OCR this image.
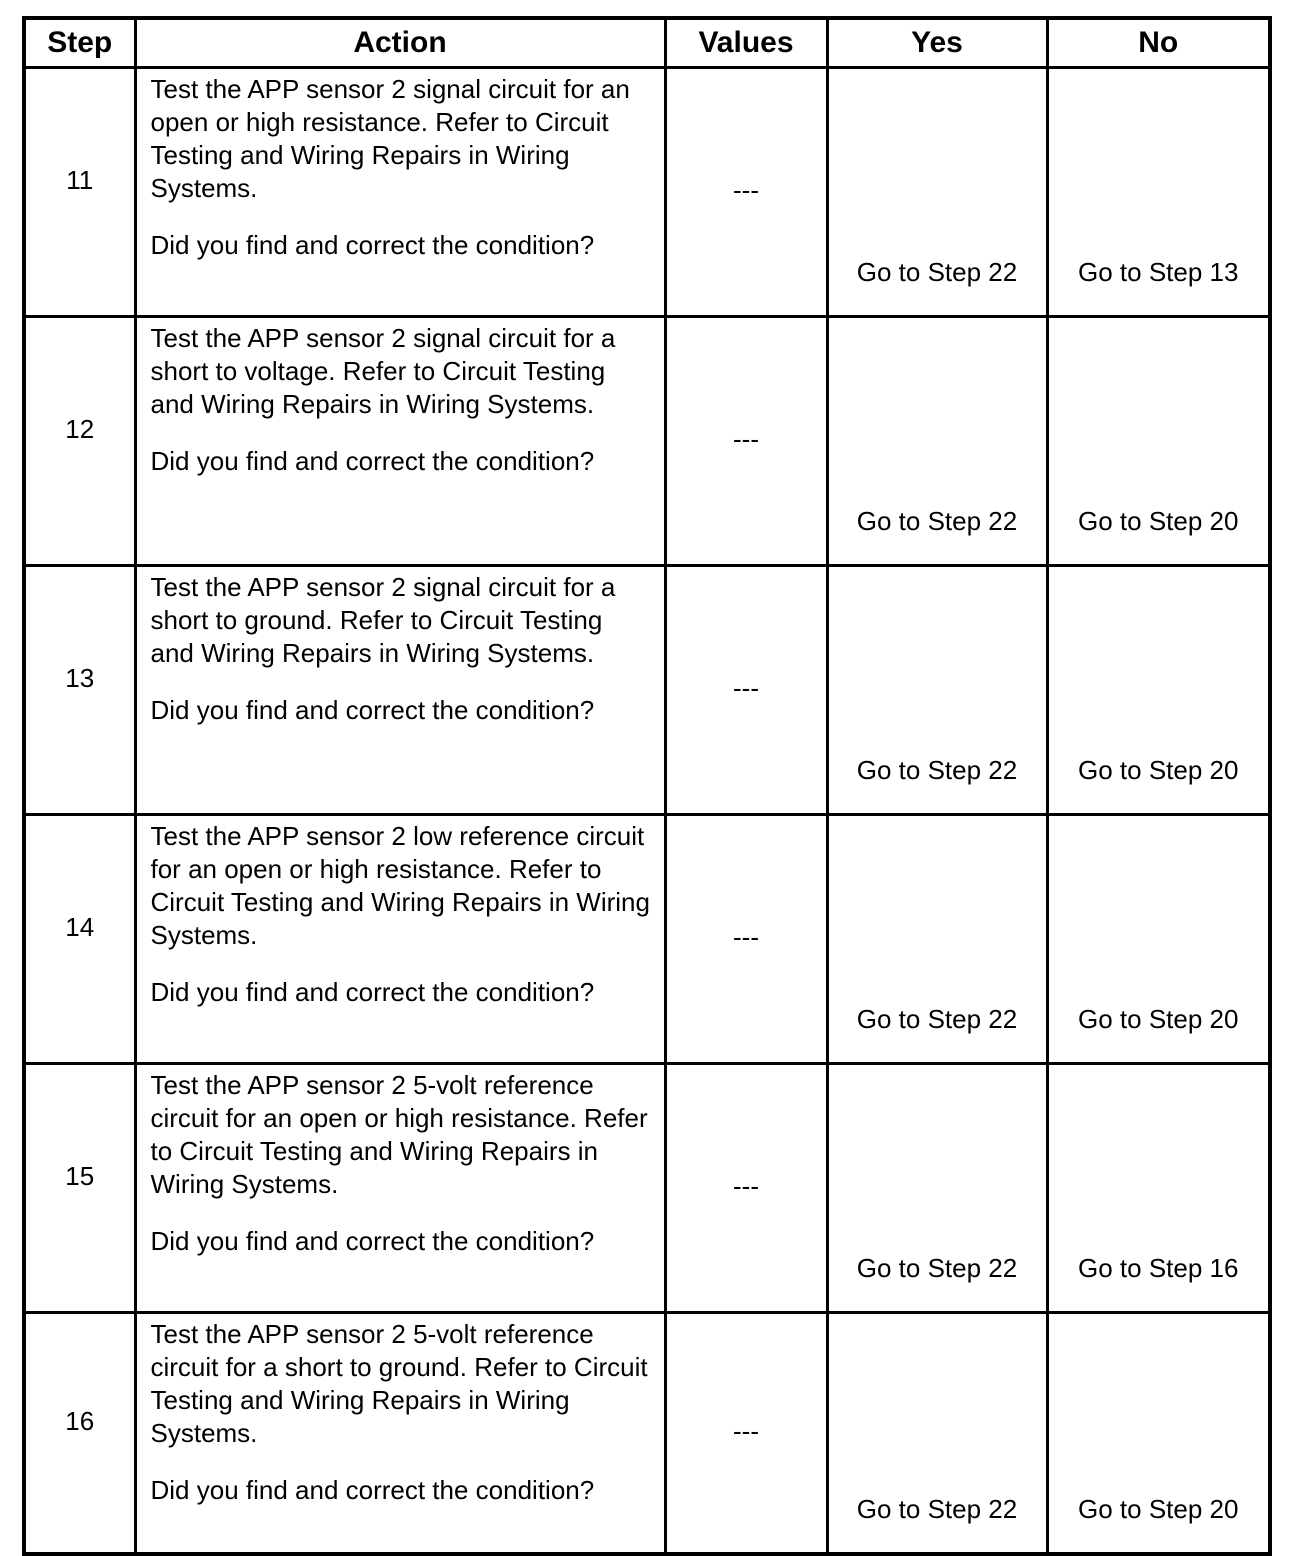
Step	Action	Values	Yes	No
11	Test the APP sensor 2 signal circuit for an open or high resistance. Refer to Circuit Testing and Wiring Repairs in Wiring Systems.
Did you find and correct the condition?	---	Go to Step 22	Go to Step 13
12	Test the APP sensor 2 signal circuit for a short to voltage. Refer to Circuit Testing and Wiring Repairs in Wiring Systems.
Did you find and correct the condition?	---	Go to Step 22	Go to Step 20
13	Test the APP sensor 2 signal circuit for a short to ground. Refer to Circuit Testing and Wiring Repairs in Wiring Systems.
Did you find and correct the condition?	---	Go to Step 22	Go to Step 20
14	Test the APP sensor 2 low reference circuit for an open or high resistance. Refer to Circuit Testing and Wiring Repairs in Wiring Systems.
Did you find and correct the condition?	---	Go to Step 22	Go to Step 20
15	Test the APP sensor 2 5-volt reference circuit for an open or high resistance. Refer to Circuit Testing and Wiring Repairs in Wiring Systems.
Did you find and correct the condition?	---	Go to Step 22	Go to Step 16
16	Test the APP sensor 2 5-volt reference circuit for a short to ground. Refer to Circuit Testing and Wiring Repairs in Wiring Systems.
Did you find and correct the condition?	---	Go to Step 22	Go to Step 20
